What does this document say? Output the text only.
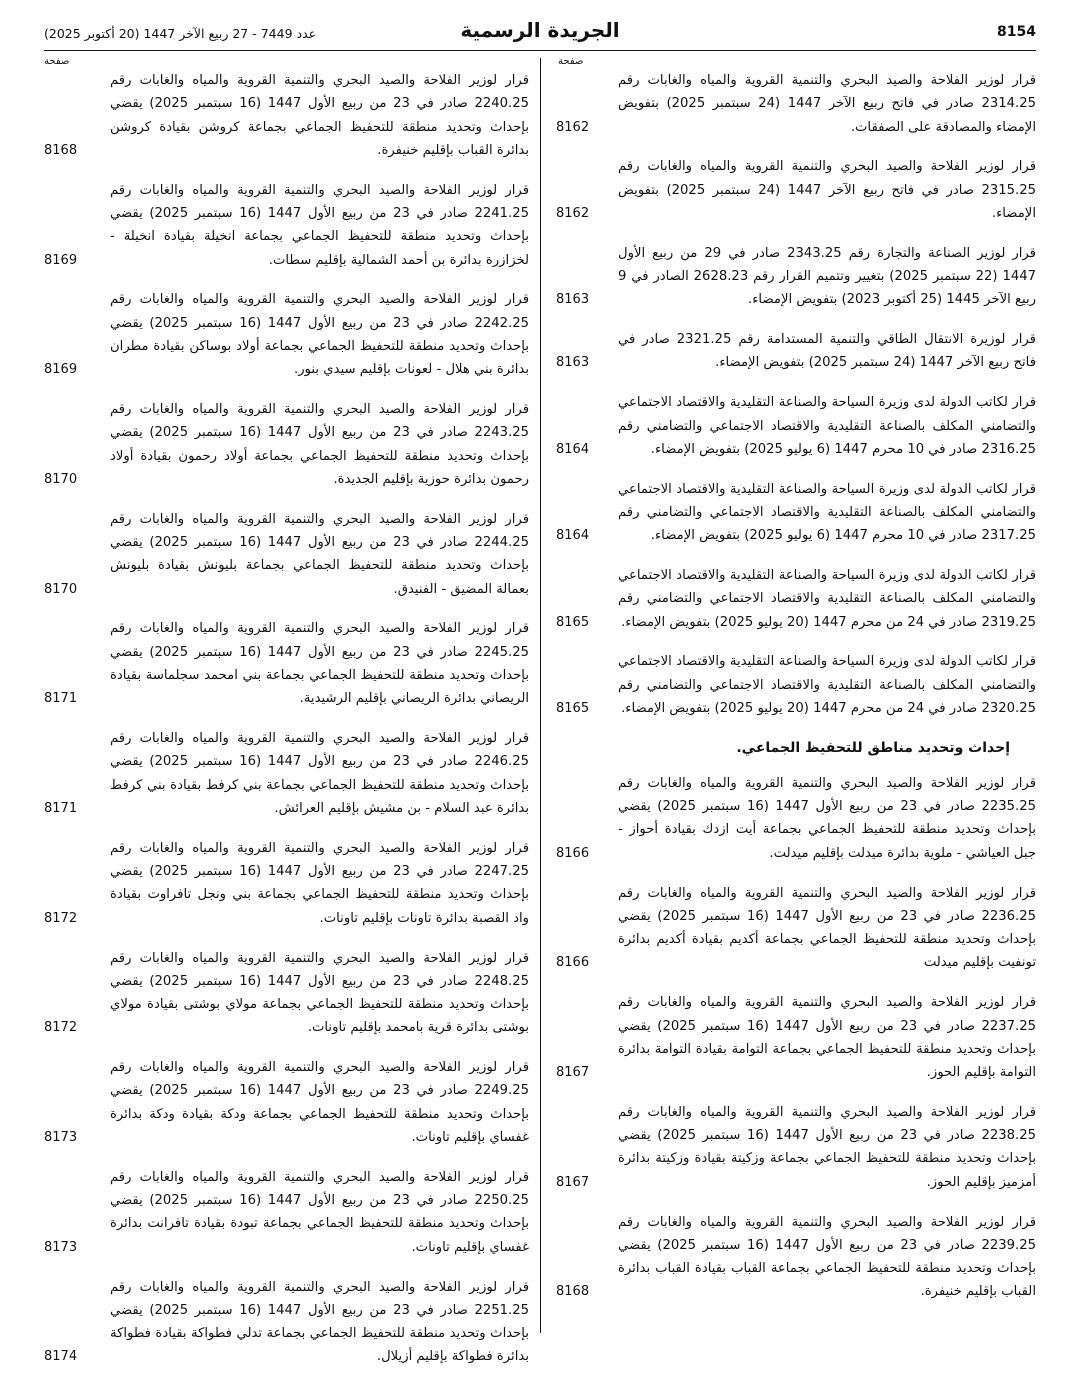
8154
الجريدة الرسمية
عدد 7449 - 27 ربيع الآخر 1447 (20 أكتوبر 2025)
صفحة
قرار لوزير الفلاحة والصيد البحري والتنمية القروية والمياه والغابات رقم 2314.25 صادر في فاتح ربيع الآخر 1447 (24 سبتمبر 2025) بتفويض الإمضاء والمصادقة على الصفقات.
8162
قرار لوزير الفلاحة والصيد البحري والتنمية القروية والمياه والغابات رقم 2315.25 صادر في فاتح ربيع الآخر 1447 (24 سبتمبر 2025) بتفويض الإمضاء.
8162
قرار لوزير الصناعة والتجارة رقم 2343.25 صادر في 29 من ربيع الأول 1447 (22 سبتمبر 2025) بتغيير وتتميم القرار رقم 2628.23 الصادر في 9 ربيع الآخر 1445 (25 أكتوبر 2023) بتفويض الإمضاء.
8163
قرار لوزيرة الانتقال الطاقي والتنمية المستدامة رقم 2321.25 صادر في فاتح ربيع الآخر 1447 (24 سبتمبر 2025) بتفويض الإمضاء.
8163
قرار لكاتب الدولة لدى وزيرة السياحة والصناعة التقليدية والاقتصاد الاجتماعي والتضامني المكلف بالصناعة التقليدية والاقتصاد الاجتماعي والتضامني رقم 2316.25 صادر في 10 محرم 1447 (6 يوليو 2025) بتفويض الإمضاء.
8164
قرار لكاتب الدولة لدى وزيرة السياحة والصناعة التقليدية والاقتصاد الاجتماعي والتضامني المكلف بالصناعة التقليدية والاقتصاد الاجتماعي والتضامني رقم 2317.25 صادر في 10 محرم 1447 (6 يوليو 2025) بتفويض الإمضاء.
8164
قرار لكاتب الدولة لدى وزيرة السياحة والصناعة التقليدية والاقتصاد الاجتماعي والتضامني المكلف بالصناعة التقليدية والاقتصاد الاجتماعي والتضامني رقم 2319.25 صادر في 24 من محرم 1447 (20 يوليو 2025) بتفويض الإمضاء.
8165
قرار لكاتب الدولة لدى وزيرة السياحة والصناعة التقليدية والاقتصاد الاجتماعي والتضامني المكلف بالصناعة التقليدية والاقتصاد الاجتماعي والتضامني رقم 2320.25 صادر في 24 من محرم 1447 (20 يوليو 2025) بتفويض الإمضاء.
8165
إحداث وتحديد مناطق للتحفيظ الجماعي.
قرار لوزير الفلاحة والصيد البحري والتنمية القروية والمياه والغابات رقم 2235.25 صادر في 23 من ربيع الأول 1447 (16 سبتمبر 2025) يقضي بإحداث وتحديد منطقة للتحفيظ الجماعي بجماعة أيت ازدك بقيادة أحواز - جبل العياشي - ملوية بدائرة ميدلت بإقليم ميدلت.
8166
قرار لوزير الفلاحة والصيد البحري والتنمية القروية والمياه والغابات رقم 2236.25 صادر في 23 من ربيع الأول 1447 (16 سبتمبر 2025) يقضي بإحداث وتحديد منطقة للتحفيظ الجماعي بجماعة أكديم بقيادة أكديم بدائرة تونفيت بإقليم ميدلت
8166
قرار لوزير الفلاحة والصيد البحري والتنمية القروية والمياه والغابات رقم 2237.25 صادر في 23 من ربيع الأول 1447 (16 سبتمبر 2025) يقضي بإحداث وتحديد منطقة للتحفيظ الجماعي بجماعة التوامة بقيادة التوامة بدائرة التوامة بإقليم الحوز.
8167
قرار لوزير الفلاحة والصيد البحري والتنمية القروية والمياه والغابات رقم 2238.25 صادر في 23 من ربيع الأول 1447 (16 سبتمبر 2025) يقضي بإحداث وتحديد منطقة للتحفيظ الجماعي بجماعة وزكيتة بقيادة وزكيتة بدائرة أمزميز بإقليم الحوز.
8167
قرار لوزير الفلاحة والصيد البحري والتنمية القروية والمياه والغابات رقم 2239.25 صادر في 23 من ربيع الأول 1447 (16 سبتمبر 2025) يقضي بإحداث وتحديد منطقة للتحفيظ الجماعي بجماعة القباب بقيادة القباب بدائرة القباب بإقليم خنيفرة.
8168
صفحة
قرار لوزير الفلاحة والصيد البحري والتنمية القروية والمياه والغابات رقم 2240.25 صادر في 23 من ربيع الأول 1447 (16 سبتمبر 2025) يقضي بإحداث وتحديد منطقة للتحفيظ الجماعي بجماعة كروشن بقيادة كروشن بدائرة القباب بإقليم خنيفرة.
8168
قرار لوزير الفلاحة والصيد البحري والتنمية القروية والمياه والغابات رقم 2241.25 صادر في 23 من ربيع الأول 1447 (16 سبتمبر 2025) يقضي بإحداث وتحديد منطقة للتحفيظ الجماعي بجماعة انخيلة بقيادة انخيلة - لخزازرة بدائرة بن أحمد الشمالية بإقليم سطات.
8169
قرار لوزير الفلاحة والصيد البحري والتنمية القروية والمياه والغابات رقم 2242.25 صادر في 23 من ربيع الأول 1447 (16 سبتمبر 2025) يقضي بإحداث وتحديد منطقة للتحفيظ الجماعي بجماعة أولاد بوساكن بقيادة مطران بدائرة بني هلال - لعونات بإقليم سيدي بنور.
8169
قرار لوزير الفلاحة والصيد البحري والتنمية القروية والمياه والغابات رقم 2243.25 صادر في 23 من ربيع الأول 1447 (16 سبتمبر 2025) يقضي بإحداث وتحديد منطقة للتحفيظ الجماعي بجماعة أولاد رحمون بقيادة أولاد رحمون بدائرة حوزية بإقليم الجديدة.
8170
قرار لوزير الفلاحة والصيد البحري والتنمية القروية والمياه والغابات رقم 2244.25 صادر في 23 من ربيع الأول 1447 (16 سبتمبر 2025) يقضي بإحداث وتحديد منطقة للتحفيظ الجماعي بجماعة بليونش بقيادة بليونش بعمالة المضيق - الفنيدق.
8170
قرار لوزير الفلاحة والصيد البحري والتنمية القروية والمياه والغابات رقم 2245.25 صادر في 23 من ربيع الأول 1447 (16 سبتمبر 2025) يقضي بإحداث وتحديد منطقة للتحفيظ الجماعي بجماعة بني امحمد سجلماسة بقيادة الريصاني بدائرة الريصاني بإقليم الرشيدية.
8171
قرار لوزير الفلاحة والصيد البحري والتنمية القروية والمياه والغابات رقم 2246.25 صادر في 23 من ربيع الأول 1447 (16 سبتمبر 2025) يقضي بإحداث وتحديد منطقة للتحفيظ الجماعي بجماعة بني كرفط بقيادة بني كرفط بدائرة عبد السلام - بن مشيش بإقليم العرائش.
8171
قرار لوزير الفلاحة والصيد البحري والتنمية القروية والمياه والغابات رقم 2247.25 صادر في 23 من ربيع الأول 1447 (16 سبتمبر 2025) يقضي بإحداث وتحديد منطقة للتحفيظ الجماعي بجماعة بني ونجل تافراوت بقيادة واد القصبة بدائرة تاونات بإقليم تاونات.
8172
قرار لوزير الفلاحة والصيد البحري والتنمية القروية والمياه والغابات رقم 2248.25 صادر في 23 من ربيع الأول 1447 (16 سبتمبر 2025) يقضي بإحداث وتحديد منطقة للتحفيظ الجماعي بجماعة مولاي بوشتى بقيادة مولاي بوشتى بدائرة قرية بامحمد بإقليم تاونات.
8172
قرار لوزير الفلاحة والصيد البحري والتنمية القروية والمياه والغابات رقم 2249.25 صادر في 23 من ربيع الأول 1447 (16 سبتمبر 2025) يقضي بإحداث وتحديد منطقة للتحفيظ الجماعي بجماعة ودكة بقيادة ودكة بدائرة غفساي بإقليم تاونات.
8173
قرار لوزير الفلاحة والصيد البحري والتنمية القروية والمياه والغابات رقم 2250.25 صادر في 23 من ربيع الأول 1447 (16 سبتمبر 2025) يقضي بإحداث وتحديد منطقة للتحفيظ الجماعي بجماعة تبودة بقيادة تافرانت بدائرة غفساي بإقليم تاونات.
8173
قرار لوزير الفلاحة والصيد البحري والتنمية القروية والمياه والغابات رقم 2251.25 صادر في 23 من ربيع الأول 1447 (16 سبتمبر 2025) يقضي بإحداث وتحديد منطقة للتحفيظ الجماعي بجماعة تدلي فطواكة بقيادة فطواكة بدائرة فطواكة بإقليم أزيلال.
8174
